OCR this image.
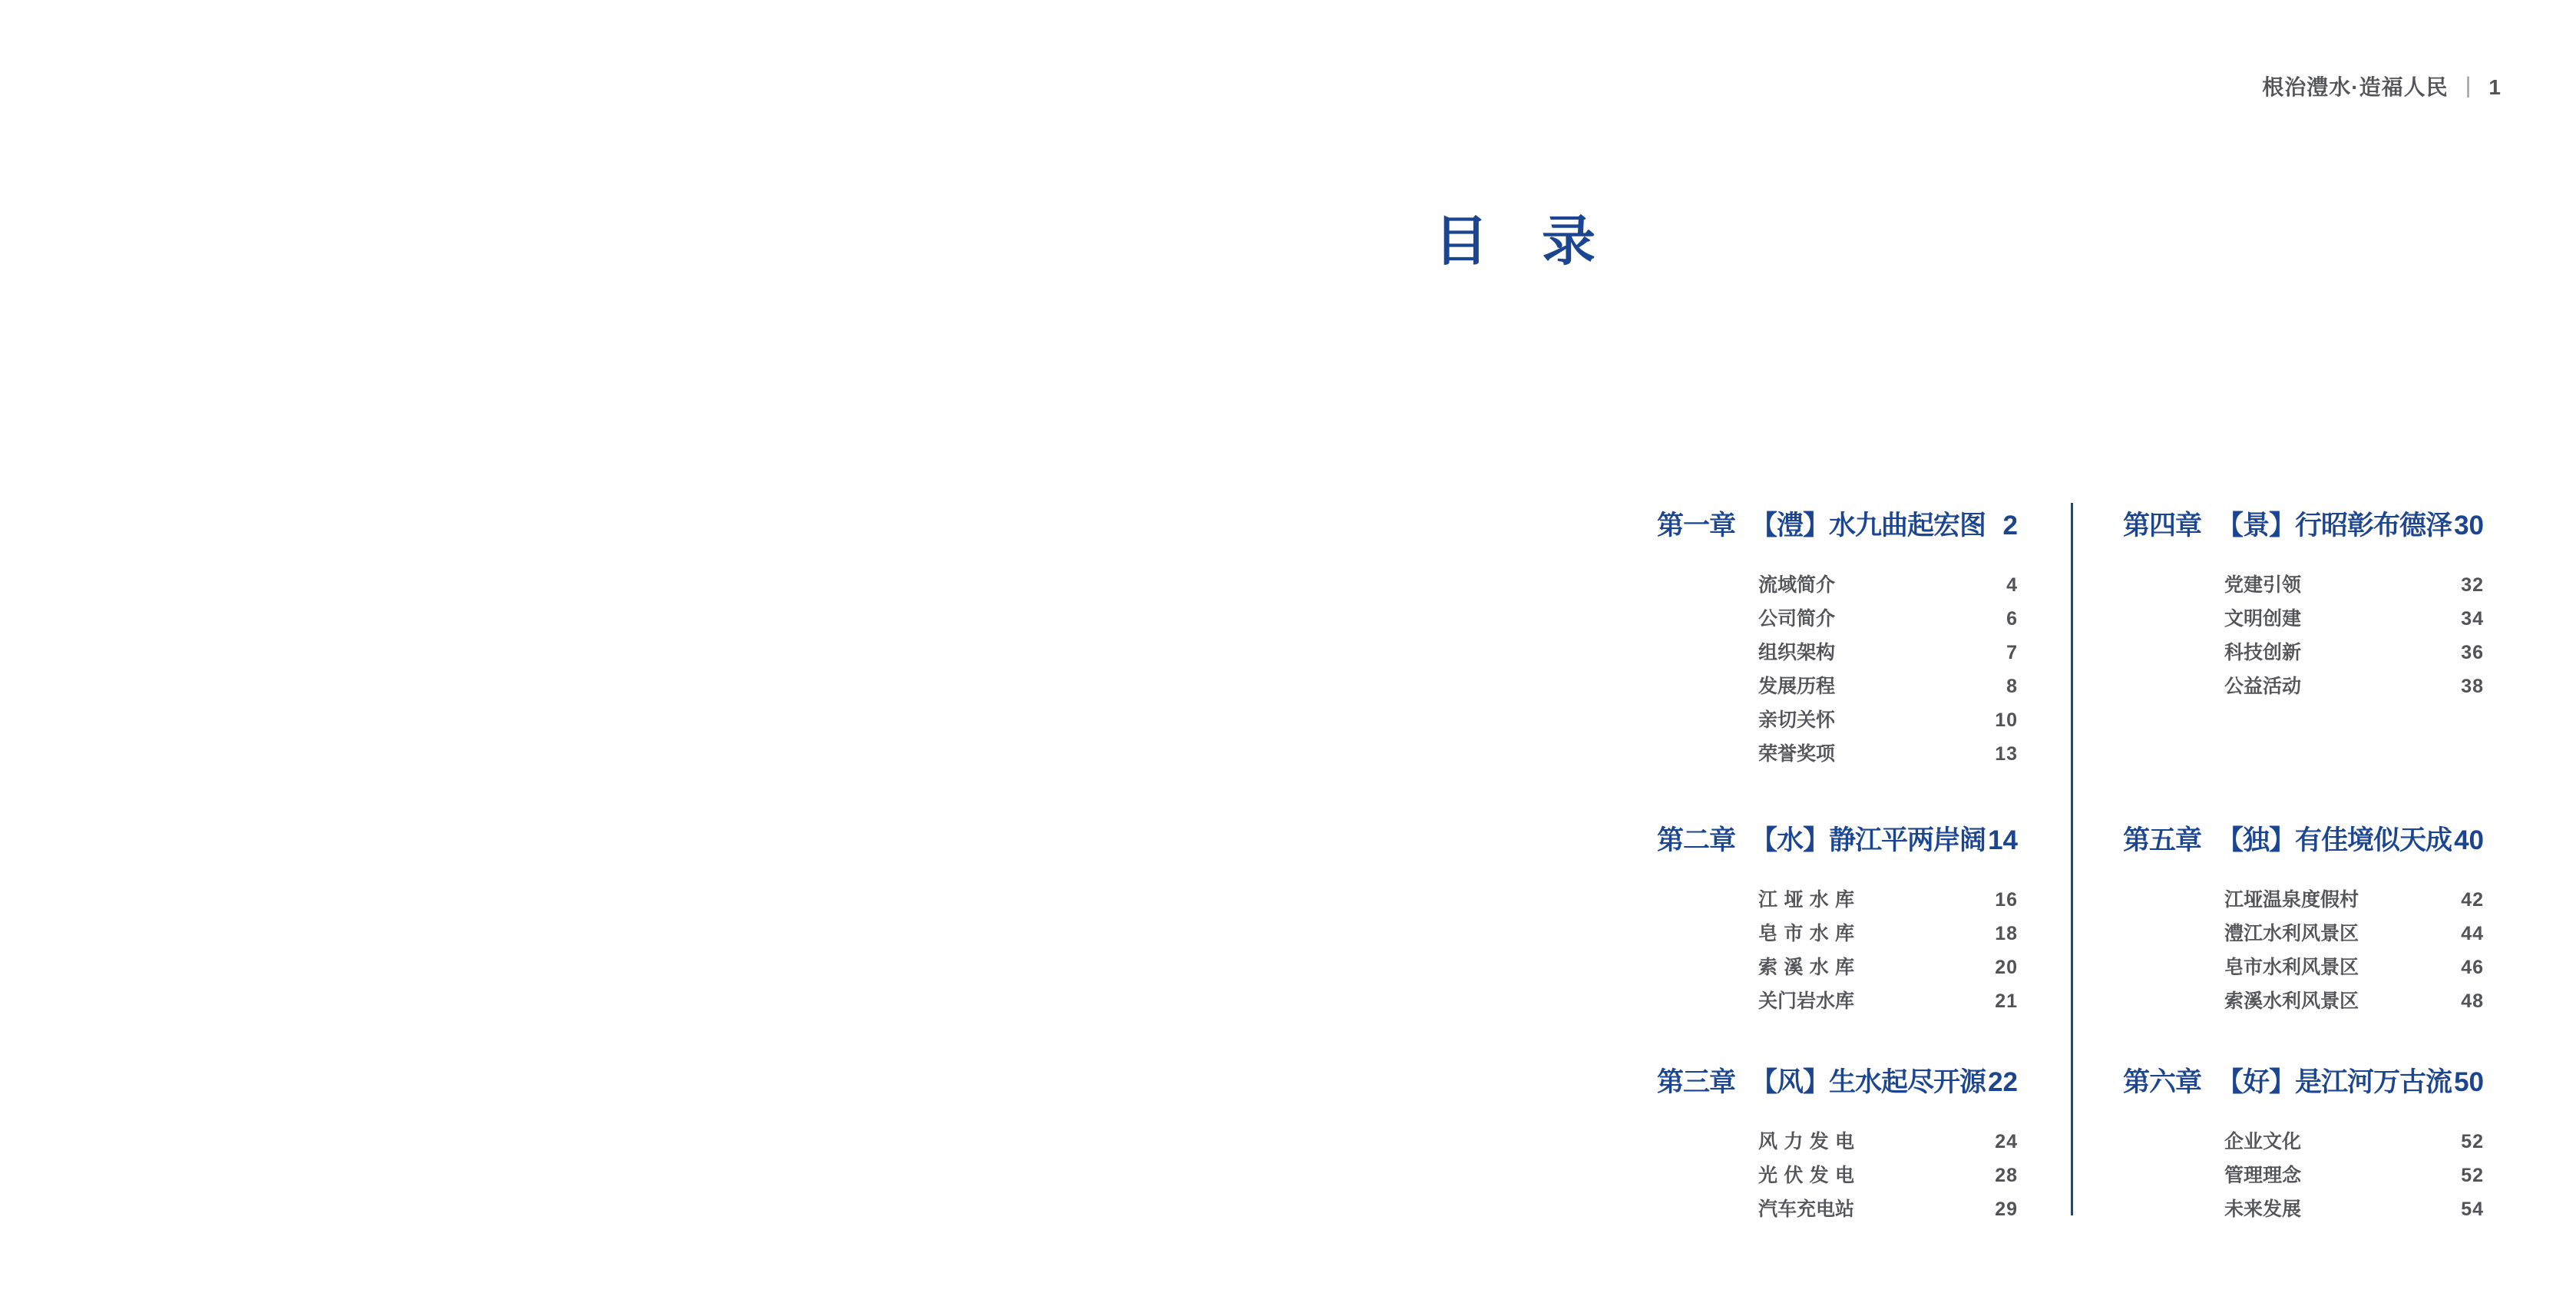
根治澧水·造福人民 | 1
目　录
第一章 【澧】水九曲起宏图 2
流域简介	4
公司简介	6
组织架构	7
发展历程	8
亲切关怀	10
荣誉奖项	13
第二章 【水】静江平两岸阔 14
江垭水库	16
皂市水库	18
索溪水库	20
关门岩水库	21
第三章 【风】生水起尽开源 22
风力发电	24
光伏发电	28
汽车充电站	29
第四章 【景】行昭彰布德泽 30
党建引领	32
文明创建	34
科技创新	36
公益活动	38
第五章 【独】有佳境似天成 40
江垭温泉度假村	42
澧江水利风景区	44
皂市水利风景区	46
索溪水利风景区	48
第六章 【好】是江河万古流 50
企业文化	52
管理理念	52
未来发展	54
